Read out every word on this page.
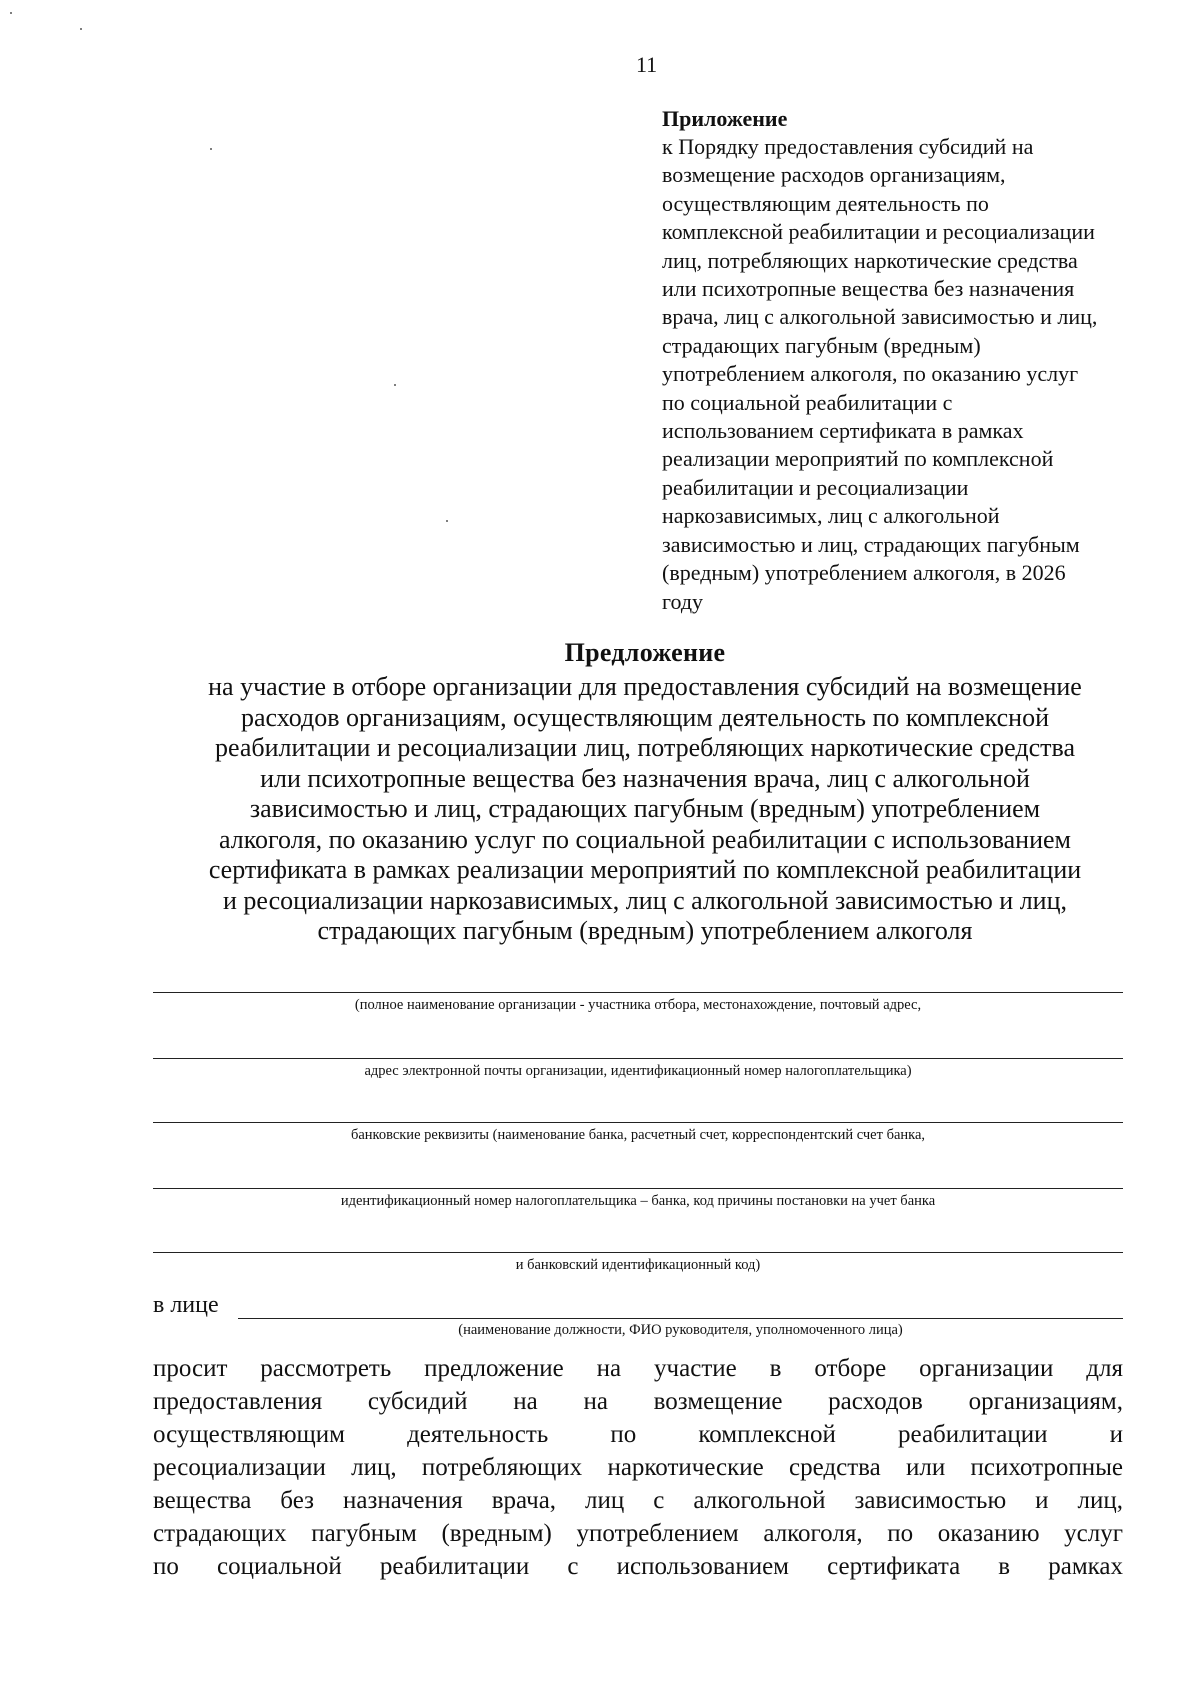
11
Приложение
к Порядку предоставления субсидий на
возмещение расходов организациям,
осуществляющим деятельность по
комплексной реабилитации и ресоциализации
лиц, потребляющих наркотические средства
или психотропные вещества без назначения
врача, лиц с алкогольной зависимостью и лиц,
страдающих пагубным (вредным)
употреблением алкоголя, по оказанию услуг
по социальной реабилитации с
использованием сертификата в рамках
реализации мероприятий по комплексной
реабилитации и ресоциализации
наркозависимых, лиц с алкогольной
зависимостью и лиц, страдающих пагубным
(вредным) употреблением алкоголя, в 2026
году
Предложение
на участие в отборе организации для предоставления субсидий на возмещение
расходов организациям, осуществляющим деятельность по комплексной
реабилитации и ресоциализации лиц, потребляющих наркотические средства
или психотропные вещества без назначения врача, лиц с алкогольной
зависимостью и лиц, страдающих пагубным (вредным) употреблением
алкоголя, по оказанию услуг по социальной реабилитации с использованием
сертификата в рамках реализации мероприятий по комплексной реабилитации
и ресоциализации наркозависимых, лиц с алкогольной зависимостью и лиц,
страдающих пагубным (вредным) употреблением алкоголя
(полное наименование организации - участника отбора, местонахождение, почтовый адрес,
адрес электронной почты организации, идентификационный номер налогоплательщика)
банковские реквизиты (наименование банка, расчетный счет, корреспондентский счет банка,
идентификационный номер налогоплательщика – банка, код причины постановки на учет банка
и банковский идентификационный код)
в лице
(наименование должности, ФИО руководителя, уполномоченного лица)
просит рассмотреть предложение на участие в отборе организации для
предоставления субсидий на на возмещение расходов организациям,
осуществляющим деятельность по комплексной реабилитации и
ресоциализации лиц, потребляющих наркотические средства или психотропные
вещества без назначения врача, лиц с алкогольной зависимостью и лиц,
страдающих пагубным (вредным) употреблением алкоголя, по оказанию услуг
по социальной реабилитации с использованием сертификата в рамках
